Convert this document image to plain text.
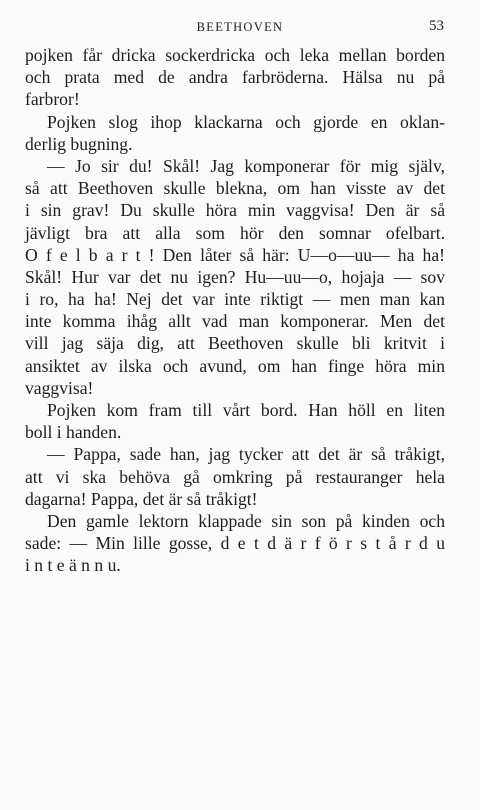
BEETHOVEN	53
pojken får dricka sockerdricka och leka mellan borden
och prata med de andra farbröderna. Hälsa nu på
farbror!
Pojken slog ihop klackarna och gjorde en oklan-
derlig bugning.
— Jo sir du! Skål! Jag komponerar för mig själv,
så att Beethoven skulle blekna, om han visste av det
i sin grav! Du skulle höra min vaggvisa! Den är så
jävligt bra att alla som hör den somnar ofelbart.
O f e l b a r t ! Den låter så här: U—o—uu— ha ha!
Skål! Hur var det nu igen? Hu—uu—o, hojaja — sov
i ro, ha ha! Nej det var inte riktigt — men man kan
inte komma ihåg allt vad man komponerar. Men det
vill jag säja dig, att Beethoven skulle bli kritvit i
ansiktet av ilska och avund, om han finge höra min
vaggvisa!
Pojken kom fram till vårt bord. Han höll en liten
boll i handen.
— Pappa, sade han, jag tycker att det är så tråkigt,
att vi ska behöva gå omkring på restauranger hela
dagarna! Pappa, det är så tråkigt!
Den gamle lektorn klappade sin son på kinden och
sade: — Min lille gosse, d e t d ä r f ö r s t å r d u
i n t e ä n n u.
